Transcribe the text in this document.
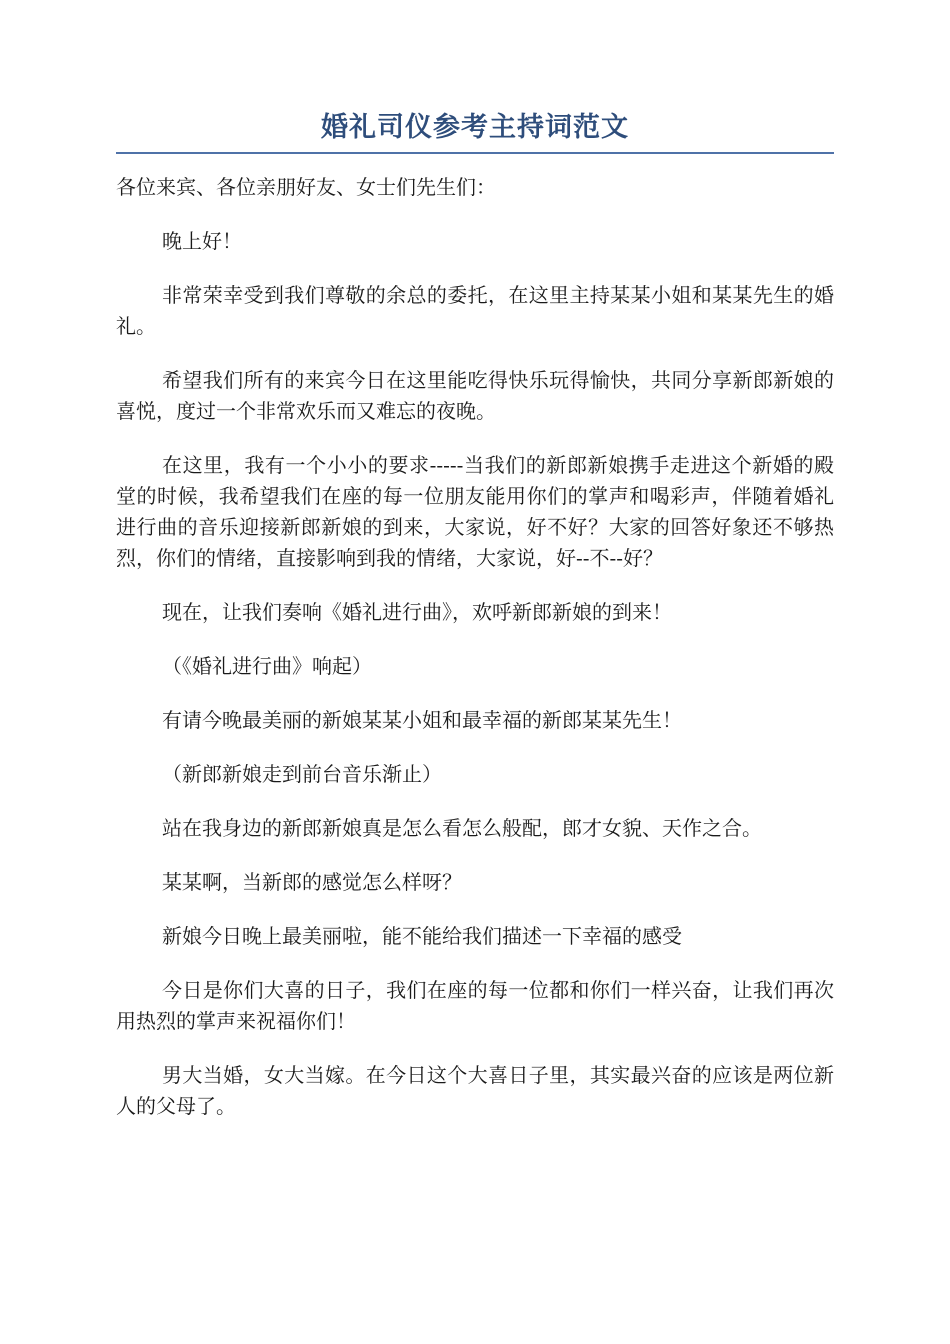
婚礼司仪参考主持词范文

各位来宾、各位亲朋好友、女士们先生们：

晚上好！

非常荣幸受到我们尊敬的余总的委托，在这里主持某某小姐和某某先生的婚礼。

希望我们所有的来宾今日在这里能吃得快乐玩得愉快，共同分享新郎新娘的喜悦，度过一个非常欢乐而又难忘的夜晚。

在这里，我有一个小小的要求-----当我们的新郎新娘携手走进这个新婚的殿堂的时候，我希望我们在座的每一位朋友能用你们的掌声和喝彩声，伴随着婚礼进行曲的音乐迎接新郎新娘的到来，大家说，好不好？大家的回答好象还不够热烈，你们的情绪，直接影响到我的情绪，大家说，好--不--好？

现在，让我们奏响《婚礼进行曲》，欢呼新郎新娘的到来！

（《婚礼进行曲》响起）

有请今晚最美丽的新娘某某小姐和最幸福的新郎某某先生！

（新郎新娘走到前台音乐渐止）

站在我身边的新郎新娘真是怎么看怎么般配，郎才女貌、天作之合。

某某啊，当新郎的感觉怎么样呀？

新娘今日晚上最美丽啦，能不能给我们描述一下幸福的感受

今日是你们大喜的日子，我们在座的每一位都和你们一样兴奋，让我们再次用热烈的掌声来祝福你们！

男大当婚，女大当嫁。在今日这个大喜日子里，其实最兴奋的应该是两位新人的父母了。
